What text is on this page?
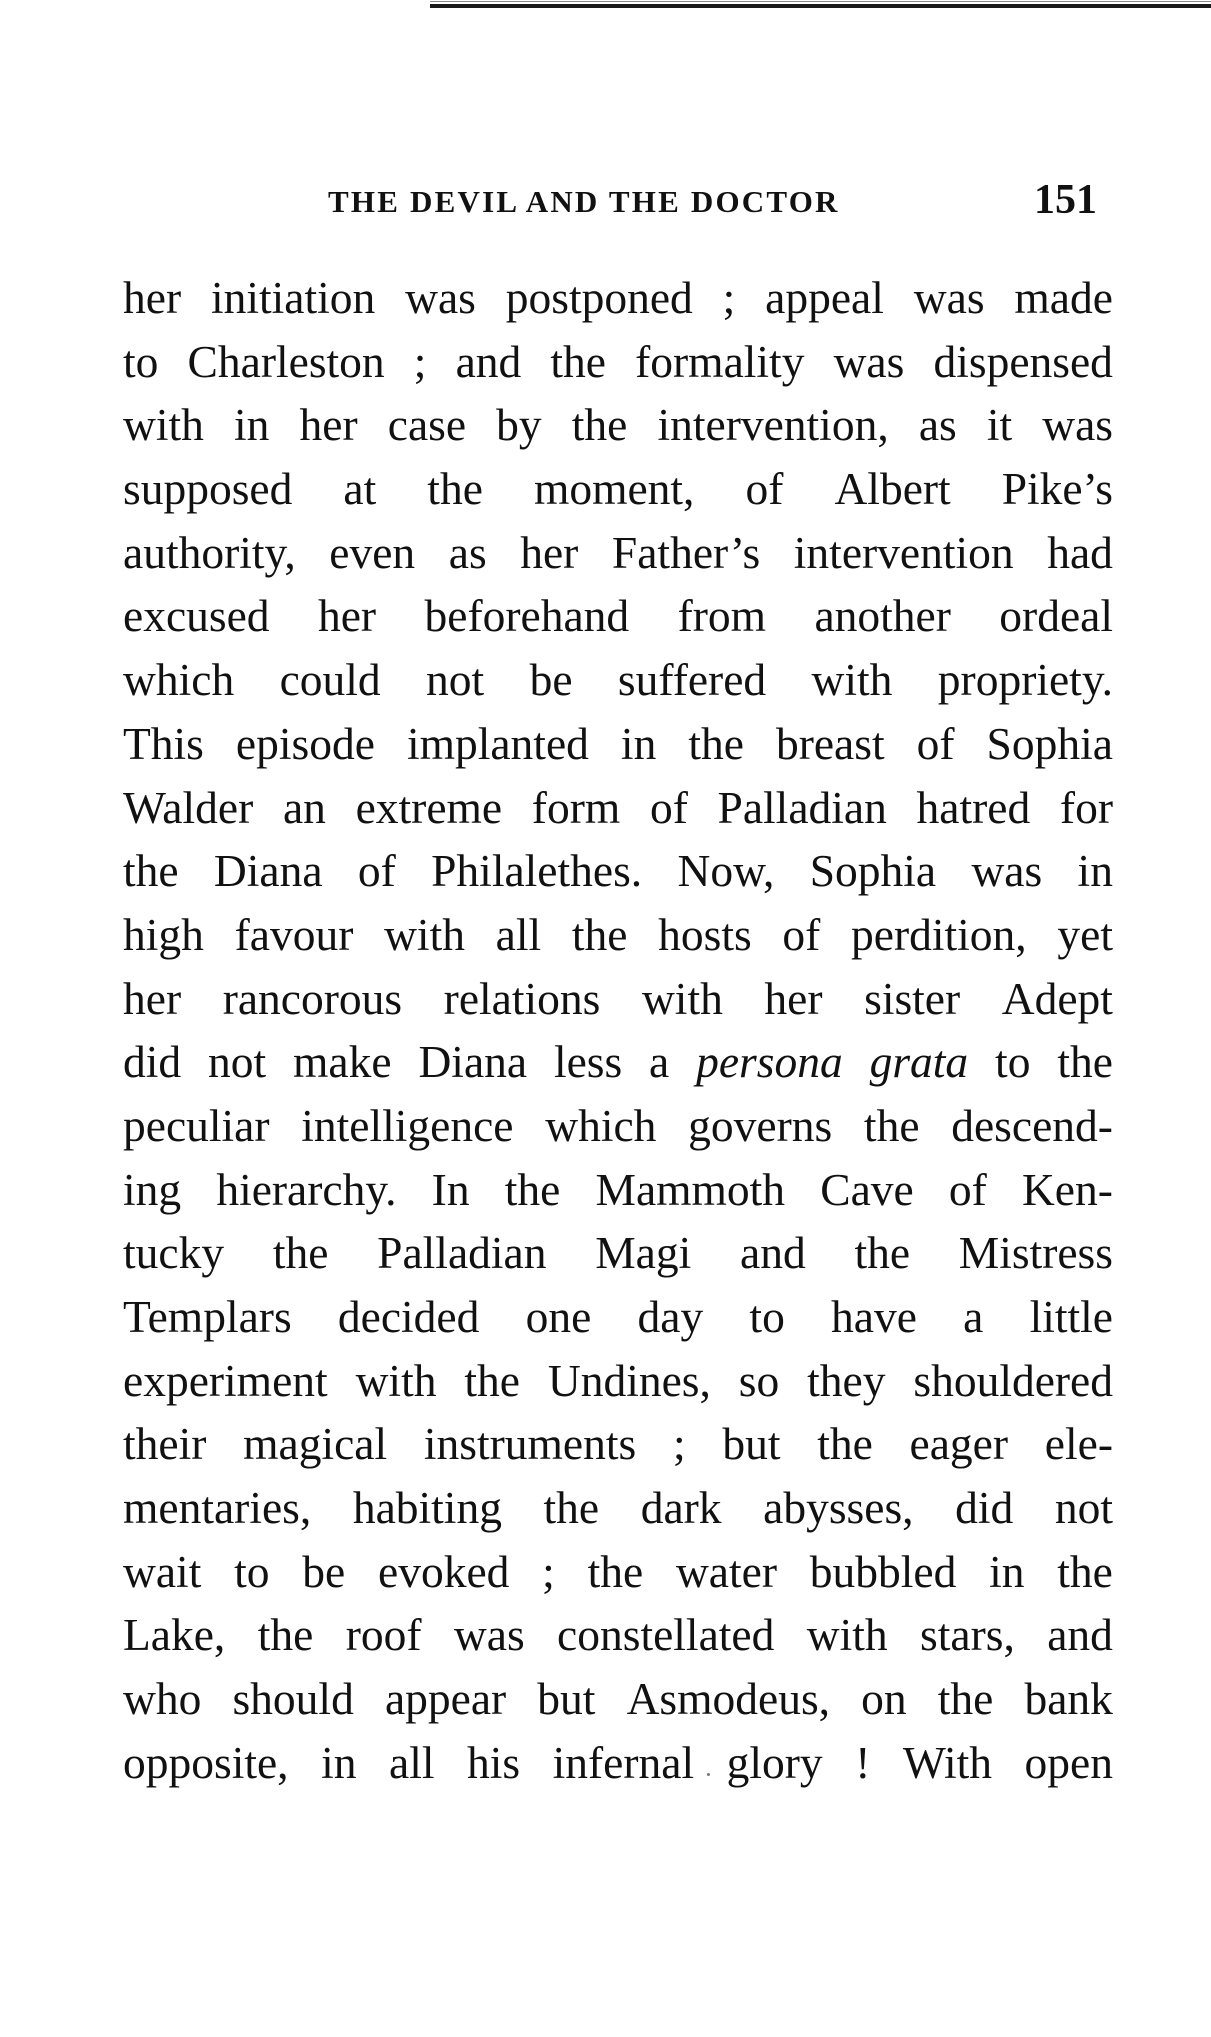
THE DEVIL AND THE DOCTOR	151
her initiation was postponed ; appeal was made
to Charleston ; and the formality was dispensed
with in her case by the intervention, as it was
supposed at the moment, of Albert Pike’s
authority, even as her Father’s intervention had
excused her beforehand from another ordeal
which could not be suffered with propriety.
This episode implanted in the breast of Sophia
Walder an extreme form of Palladian hatred for
the Diana of Philalethes. Now, Sophia was in
high favour with all the hosts of perdition, yet
her rancorous relations with her sister Adept
did not make Diana less a persona grata to the
peculiar intelligence which governs the descend-
ing hierarchy. In the Mammoth Cave of Ken-
tucky the Palladian Magi and the Mistress
Templars decided one day to have a little
experiment with the Undines, so they shouldered
their magical instruments ; but the eager ele-
mentaries, habiting the dark abysses, did not
wait to be evoked ; the water bubbled in the
Lake, the roof was constellated with stars, and
who should appear but Asmodeus, on the bank
opposite, in all his infernal glory ! With open
